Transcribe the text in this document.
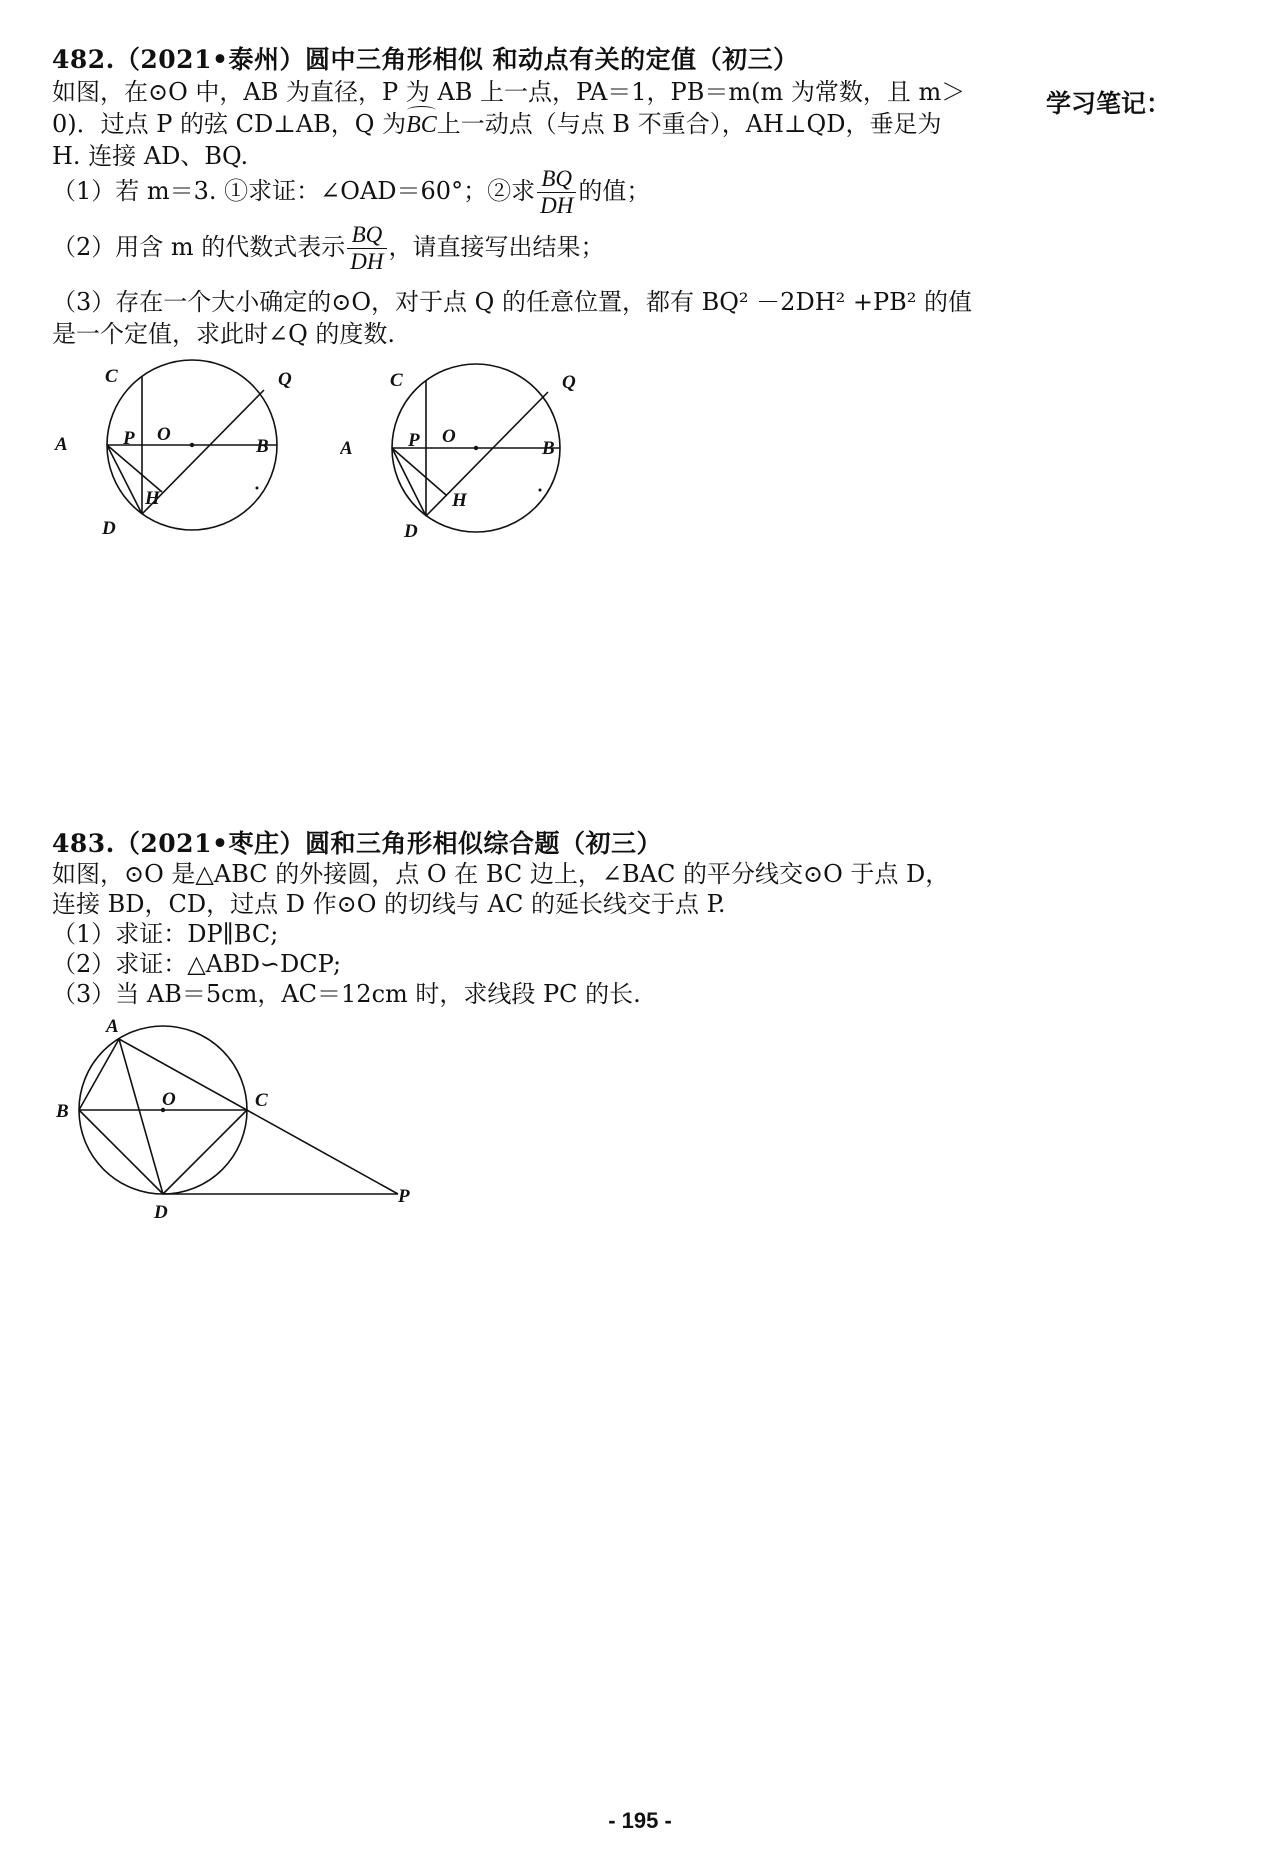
学习笔记：
482.（2021•泰州）圆中三角形相似 和动点有关的定值（初三）
如图，在⊙O 中，AB 为直径，P 为 AB 上一点，PA＝1，PB＝m(m 为常数，且 m＞
0)．过点 P 的弦 CD⊥AB，Q 为BC上一动点（与点 B 不重合），AH⊥QD，垂足为
H. 连接 AD、BQ.
（1）若 m＝3. ①求证：∠OAD＝60°；②求 $\frac{BQ}{DH}$ 的值；
（2）用含 m 的代数式表示 $\frac{BQ}{DH}$ ，请直接写出结果；
（3）存在一个大小确定的⊙O，对于点 Q 的任意位置，都有 BQ² －2DH² +PB² 的值
是一个定值，求此时∠Q 的度数.
C	Q
A	P O
B
H
D
C	Q
A	P O
B
H
D
483.（2021•枣庄）圆和三角形相似综合题（初三）
如图，⊙O 是△ABC 的外接圆，点 O 在 BC 边上，∠BAC 的平分线交⊙O 于点 D，
连接 BD，CD，过点 D 作⊙O 的切线与 AC 的延长线交于点 P.
（1）求证：DP∥BC;
（2）求证：△ABD∽DCP;
（3）当 AB＝5cm，AC＝12cm 时，求线段 PC 的长.
A
B
O	C
D
P
- 195 -
